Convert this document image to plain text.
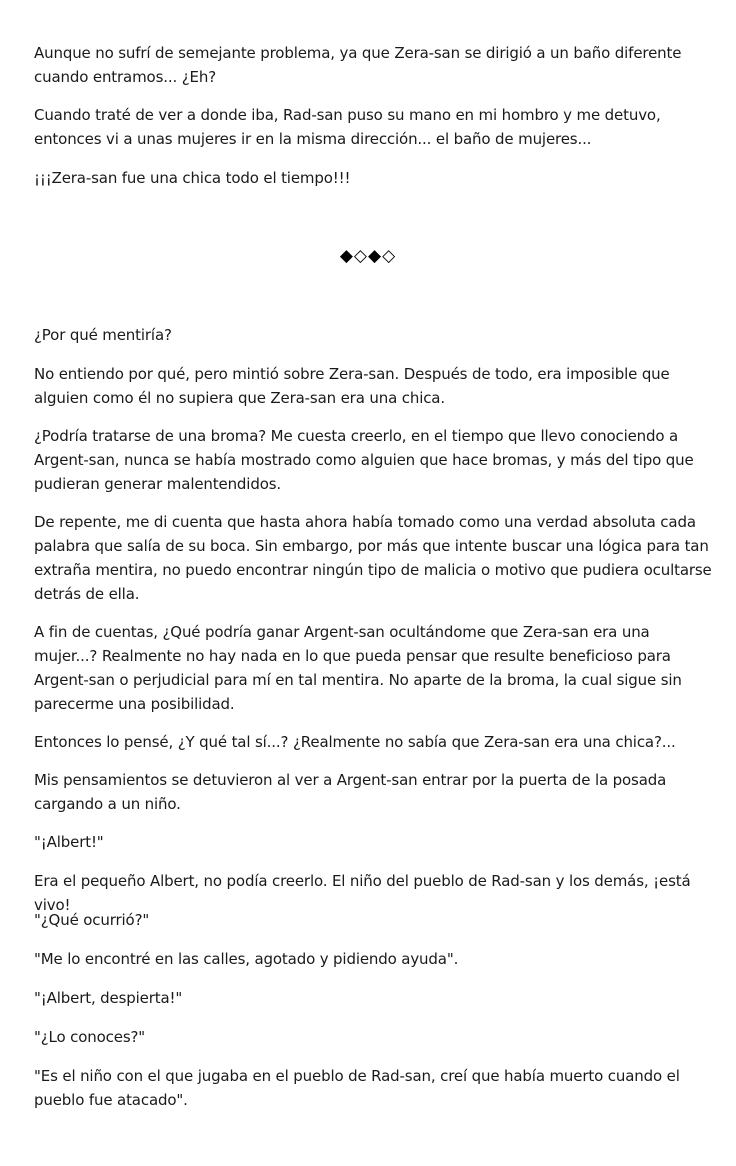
Aunque no sufrí de semejante problema, ya que Zera-san se dirigió a un baño diferente cuando entramos... ¿Eh?

Cuando traté de ver a donde iba, Rad-san puso su mano en mi hombro y me detuvo, entonces vi a unas mujeres ir en la misma dirección... el baño de mujeres...

¡¡¡Zera-san fue una chica todo el tiempo!!!

◆◇◆◇

¿Por qué mentiría?

No entiendo por qué, pero mintió sobre Zera-san. Después de todo, era imposible que alguien como él no supiera que Zera-san era una chica.

¿Podría tratarse de una broma? Me cuesta creerlo, en el tiempo que llevo conociendo a Argent-san, nunca se había mostrado como alguien que hace bromas, y más del tipo que pudieran generar malentendidos.

De repente, me di cuenta que hasta ahora había tomado como una verdad absoluta cada palabra que salía de su boca. Sin embargo, por más que intente buscar una lógica para tan extraña mentira, no puedo encontrar ningún tipo de malicia o motivo que pudiera ocultarse detrás de ella.

A fin de cuentas, ¿Qué podría ganar Argent-san ocultándome que Zera-san era una mujer...? Realmente no hay nada en lo que pueda pensar que resulte beneficioso para Argent-san o perjudicial para mí en tal mentira. No aparte de la broma, la cual sigue sin parecerme una posibilidad.

Entonces lo pensé, ¿Y qué tal sí...? ¿Realmente no sabía que Zera-san era una chica?...

Mis pensamientos se detuvieron al ver a Argent-san entrar por la puerta de la posada cargando a un niño.

"¡Albert!"

Era el pequeño Albert, no podía creerlo. El niño del pueblo de Rad-san y los demás, ¡está vivo!

"¿Qué ocurrió?"

"Me lo encontré en las calles, agotado y pidiendo ayuda".

"¡Albert, despierta!"

"¿Lo conoces?"

"Es el niño con el que jugaba en el pueblo de Rad-san, creí que había muerto cuando el pueblo fue atacado".
